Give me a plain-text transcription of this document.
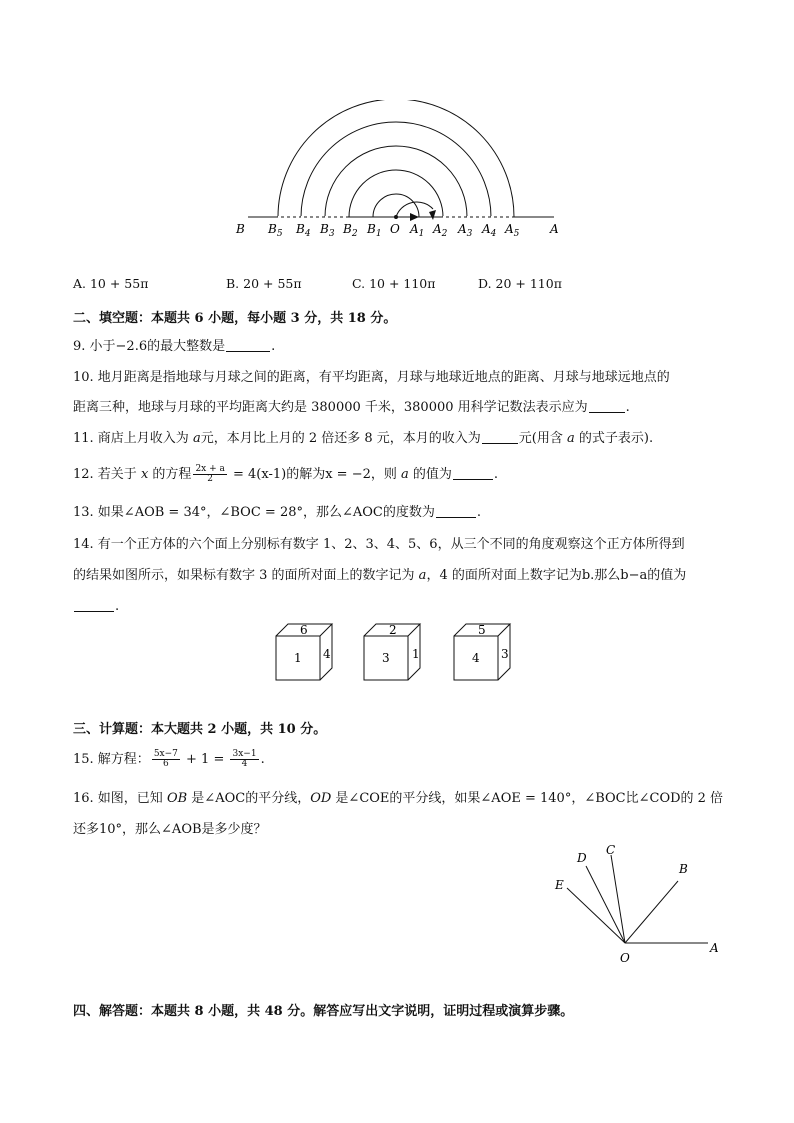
B $B_5$ $B_4$ $B_3$ $B_2$ $B_1$ O $A_1$ $A_2$ $A_3$ $A_4$ $A_5$	A
A. 10 + 55π	B. 20 + 55π	C. 10 + 110π	D. 20 + 110π
二、填空题：本题共 6 小题，每小题 3 分，共 18 分。
9. 小于−2.6的最大整数是	.
10. 地月距离是指地球与月球之间的距离，有平均距离，月球与地球近地点的距离、月球与地球远地点的
距离三种，地球与月球的平均距离大约是 380000 千米，380000 用科学记数法表示应为	.
11. 商店上月收入为 a元，本月比上月的 2 倍还多 8 元，本月的收入为	元(用含 a 的式子表示).
12. 若关于 x 的方程 $\frac{2x + a}{2} = 4(x-1)$的解为x = −2，则 a 的值为	.
13. 如果∠AOB = 34°，∠BOC = 28°，那么∠AOC的度数为	.
14. 有一个正方体的六个面上分别标有数字 1、2、3、4、5、6，从三个不同的角度观察这个正方体所得到
的结果如图所示，如果标有数字 3 的面所对面上的数字记为 a，4 的面所对面上数字记为b.那么b−a的值为
.
6
1 4
2
3 1
5
4 3
三、计算题：本大题共 2 小题，共 10 分。
15. 解方程： $\frac{5x-7}{6} + 1 = \frac{3x-1}{4}$ .
16. 如图，已知 OB 是∠AOC的平分线，OD 是∠COE的平分线，如果∠AOE = 140°，∠BOC比∠COD的 2 倍
还多10°，那么∠AOB是多少度？
D
C
B
E
O
A
四、解答题：本题共 8 小题，共 48 分。解答应写出文字说明，证明过程或演算步骤。
